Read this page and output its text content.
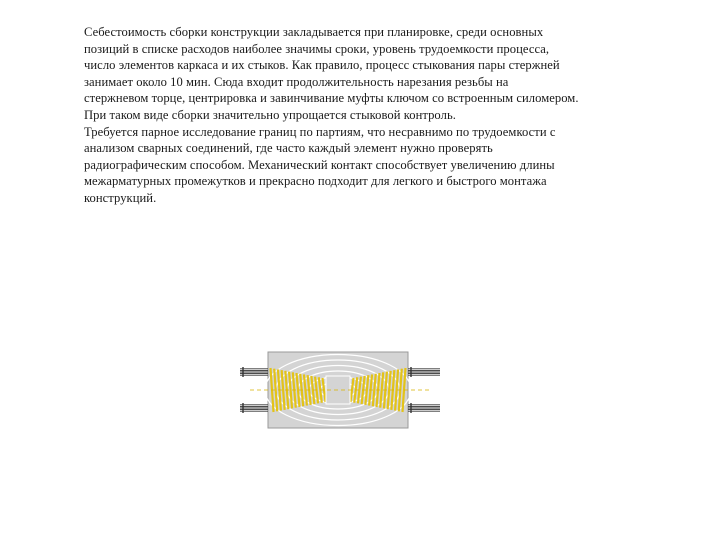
Себестоимость сборки конструкции закладывается при планировке, среди основных

позиций в списке расходов наиболее значимы сроки, уровень трудоемкости процесса,

число элементов каркаса и их стыков. Как правило, процесс стыкования пары стержней

занимает около 10 мин. Сюда входит продолжительность нарезания резьбы на

стержневом торце, центрировка и завинчивание муфты ключом со встроенным силомером.

При таком виде сборки значительно упрощается стыковой контроль.

Требуется парное исследование границ по партиям, что несравнимо по трудоемкости с

анализом сварных соединений, где часто каждый элемент нужно проверять

радиографическим способом. Механический контакт способствует увеличению длины

межарматурных промежутков и прекрасно подходит для легкого и быстрого монтажа

конструкций.
